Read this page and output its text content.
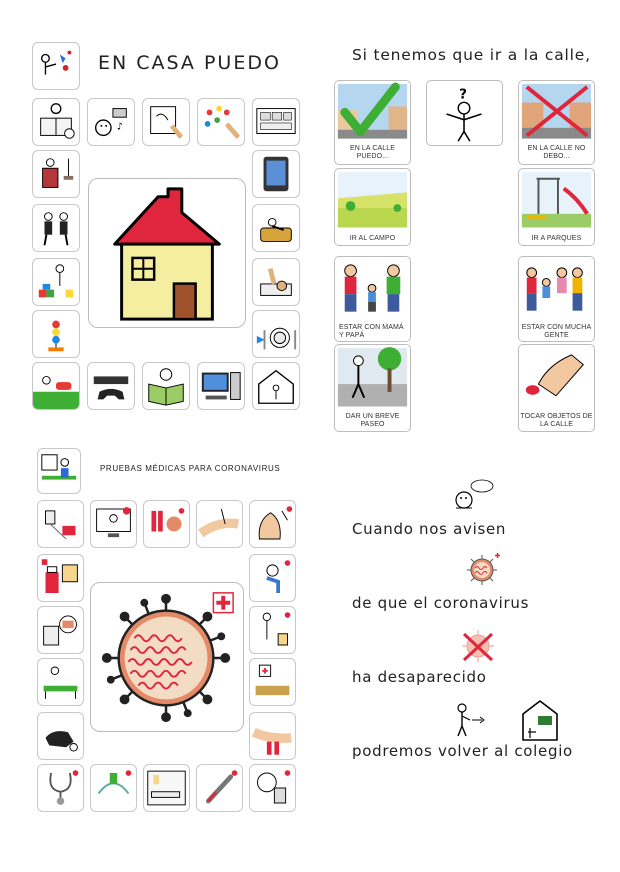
EN CASA PUEDO
♪
Si tenemos que ir a la calle,
EN LA CALLE PUEDO...
?
EN LA CALLE NO DEBO...
IR AL CAMPO	IR A PARQUES
ESTAR CON MAMÁ Y PAPÁ
ESTAR CON MUCHA GENTE
DAR UN BREVE PASEO
TOCAR OBJETOS DE LA CALLE
PRUEBAS MÉDICAS PARA CORONAVIRUS
Cuando nos avisen
de que el coronavirus
ha desaparecido
podremos volver al colegio
